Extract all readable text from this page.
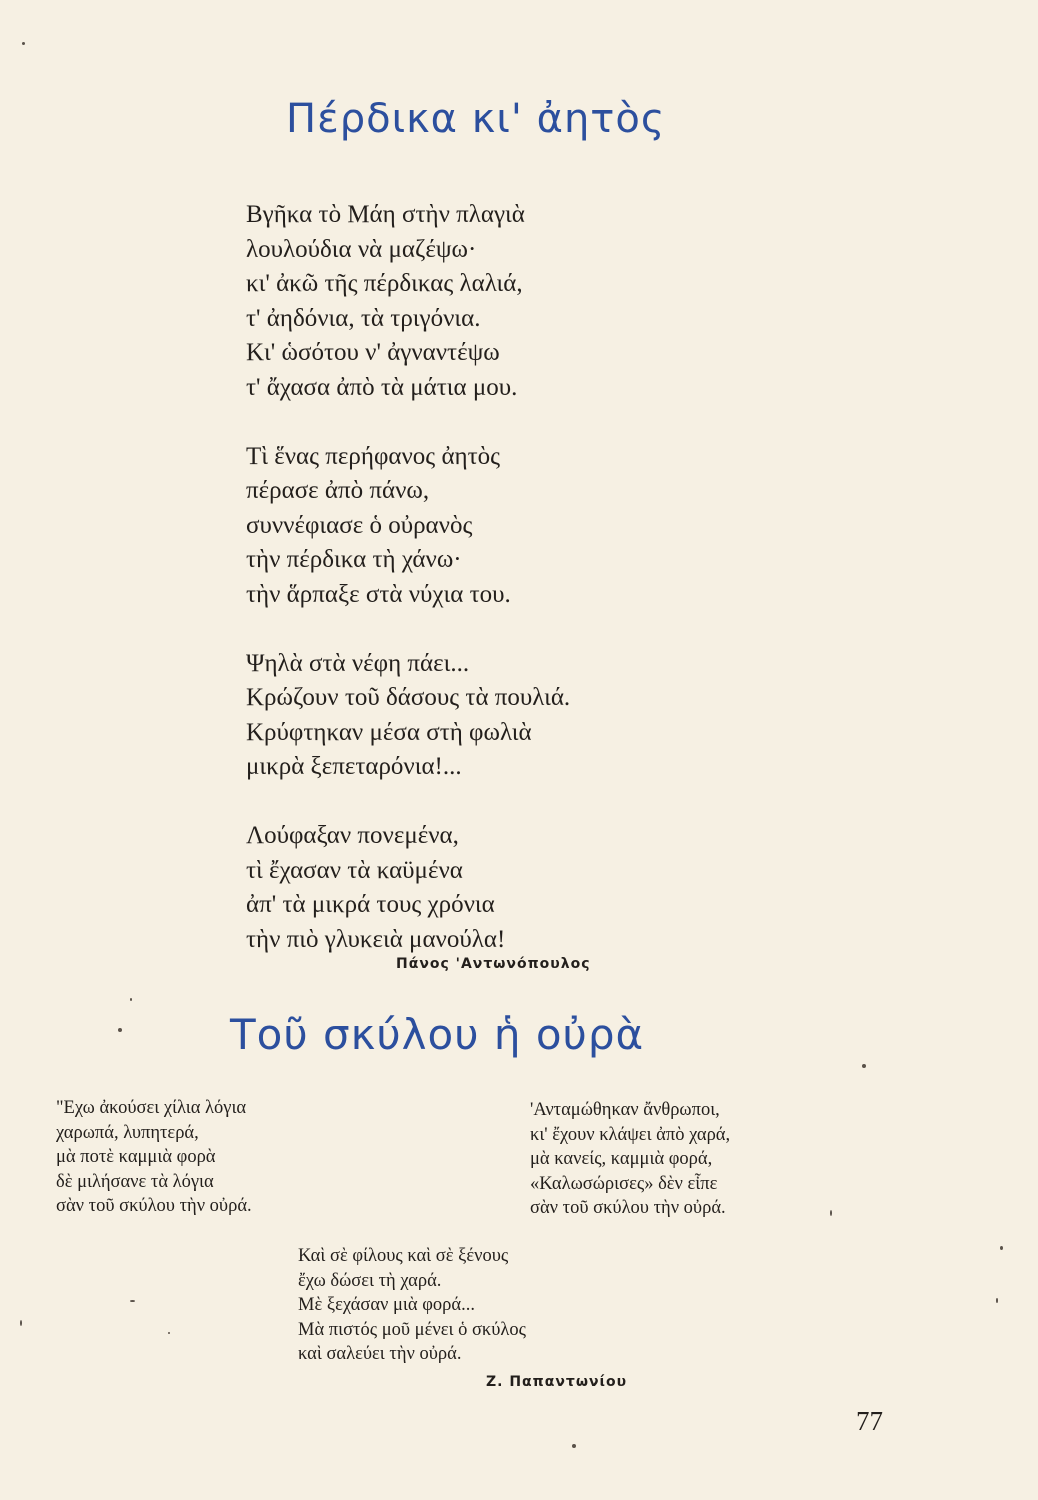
Πέρδικα κι' ἀητὸς
Βγῆκα τὸ Μάη στὴν πλαγιὰ
λουλούδια νὰ μαζέψω·
κι' ἀκῶ τῆς πέρδικας λαλιά,
τ' ἀηδόνια, τὰ τριγόνια.
Κι' ὡσότου ν' ἀγναντέψω
τ' ἄχασα ἀπὸ τὰ μάτια μου.
Τὶ ἕνας περήφανος ἀητὸς
πέρασε ἀπὸ πάνω,
συννέφιασε ὁ οὐρανὸς
τὴν πέρδικα τὴ χάνω·
τὴν ἅρπαξε στὰ νύχια του.
Ψηλὰ στὰ νέφη πάει...
Κρώζουν τοῦ δάσους τὰ πουλιά.
Κρύφτηκαν μέσα στὴ φωλιὰ
μικρὰ ξεπεταρόνια!...
Λούφαξαν πονεμένα,
τὶ ἔχασαν τὰ καϋμένα
ἀπ' τὰ μικρά τους χρόνια
τὴν πιὸ γλυκειὰ μανούλα!
Πάνος 'Αντωνόπουλος
Τοῦ σκύλου ἡ οὐρὰ
"Εχω ἀκούσει χίλια λόγια
χαρωπά, λυπητερά,
μὰ ποτὲ καμμιὰ φορὰ
δὲ μιλήσανε τὰ λόγια
σὰν τοῦ σκύλου τὴν οὐρά.
'Ανταμώθηκαν ἄνθρωποι,
κι' ἔχουν κλάψει ἀπὸ χαρά,
μὰ κανείς, καμμιὰ φορά,
«Καλωσώρισες» δὲν εἶπε
σὰν τοῦ σκύλου τὴν οὐρά.
Καὶ σὲ φίλους καὶ σὲ ξένους
ἔχω δώσει τὴ χαρά.
Μὲ ξεχάσαν μιὰ φορά...
Μὰ πιστός μοῦ μένει ὁ σκύλος
καὶ σαλεύει τὴν οὐρά.
Ζ. Παπαντωνίου
77
